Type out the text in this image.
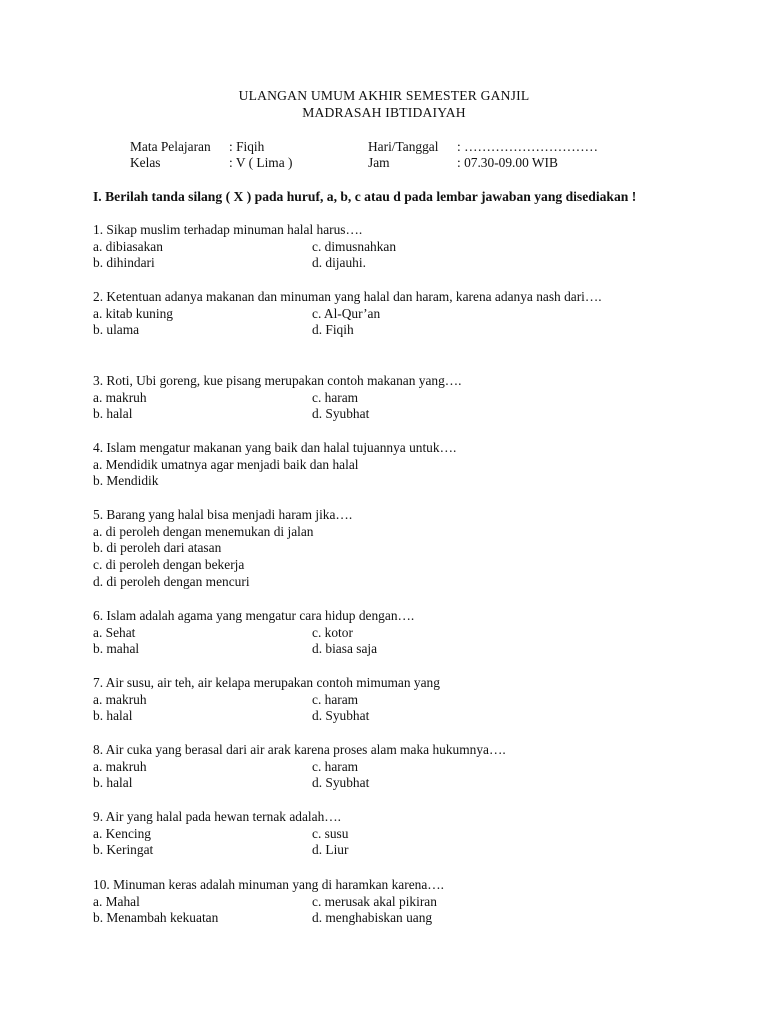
ULANGAN UMUM AKHIR SEMESTER GANJIL
MADRASAH IBTIDAIYAH
Mata Pelajaran : Fiqih	Hari/Tanggal : …………………………
Kelas	: V ( Lima )	Jam	: 07.30-09.00 WIB
I. Berilah tanda silang ( X ) pada huruf, a, b, c atau d pada lembar jawaban yang disediakan !
1. Sikap muslim terhadap minuman halal harus….
a. dibiasakan	c. dimusnahkan
b. dihindari	d. dijauhi.
2. Ketentuan adanya makanan dan minuman yang halal dan haram, karena adanya nash dari….
a. kitab kuning	c. Al-Qur’an
b. ulama	d. Fiqih
3. Roti, Ubi goreng, kue pisang merupakan contoh makanan yang….
a. makruh	c. haram
b. halal	d. Syubhat
4. Islam mengatur makanan yang baik dan halal tujuannya untuk….
a. Mendidik umatnya agar menjadi baik dan halal
b. Mendidik
5. Barang yang halal bisa menjadi haram jika….
a. di peroleh dengan menemukan di jalan
b. di peroleh dari atasan
c. di peroleh dengan bekerja
d. di peroleh dengan mencuri
6. Islam adalah agama yang mengatur cara hidup dengan….
a. Sehat	c. kotor
b. mahal	d. biasa saja
7. Air susu, air teh, air kelapa merupakan contoh mimuman yang
a. makruh	c. haram
b. halal	d. Syubhat
8. Air cuka yang berasal dari air arak karena proses alam maka hukumnya….
a. makruh	c. haram
b. halal	d. Syubhat
9. Air yang halal pada hewan ternak adalah….
a. Kencing	c. susu
b. Keringat	d. Liur
10. Minuman keras adalah minuman yang di haramkan karena….
a. Mahal	c. merusak akal pikiran
b. Menambah kekuatan	d. menghabiskan uang
